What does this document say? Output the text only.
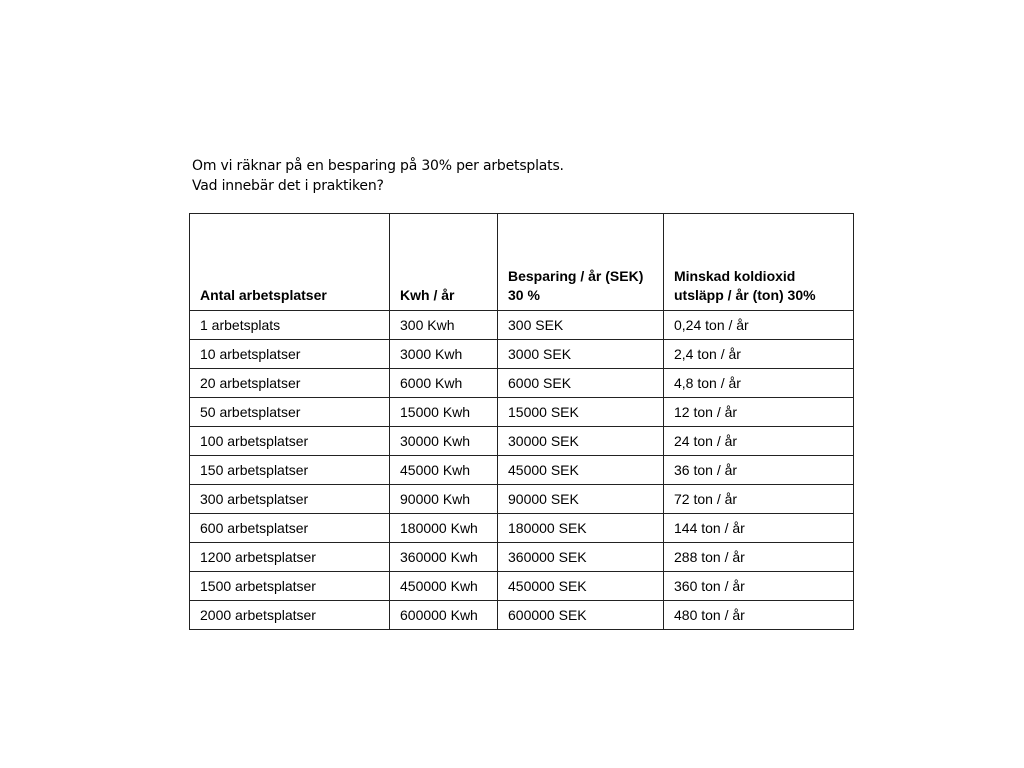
Om vi räknar på en besparing på 30% per arbetsplats.
Vad innebär det i praktiken?
Antal arbetsplatser	Kwh / år	Besparing / år (SEK) 30 %	Minskad koldioxid utsläpp / år (ton) 30%

1 arbetsplats	300 Kwh	300 SEK	0,24 ton / år
10 arbetsplatser	3000 Kwh	3000 SEK	2,4 ton / år
20 arbetsplatser	6000 Kwh	6000 SEK	4,8 ton / år
50 arbetsplatser	15000 Kwh	15000 SEK	12 ton / år
100 arbetsplatser	30000 Kwh	30000 SEK	24 ton / år
150 arbetsplatser	45000 Kwh	45000 SEK	36 ton / år
300 arbetsplatser	90000 Kwh	90000 SEK	72 ton / år
600 arbetsplatser	180000 Kwh	180000 SEK	144 ton / år
1200 arbetsplatser	360000 Kwh	360000 SEK	288 ton / år
1500 arbetsplatser	450000 Kwh	450000 SEK	360 ton / år
2000 arbetsplatser	600000 Kwh	600000 SEK	480 ton / år
